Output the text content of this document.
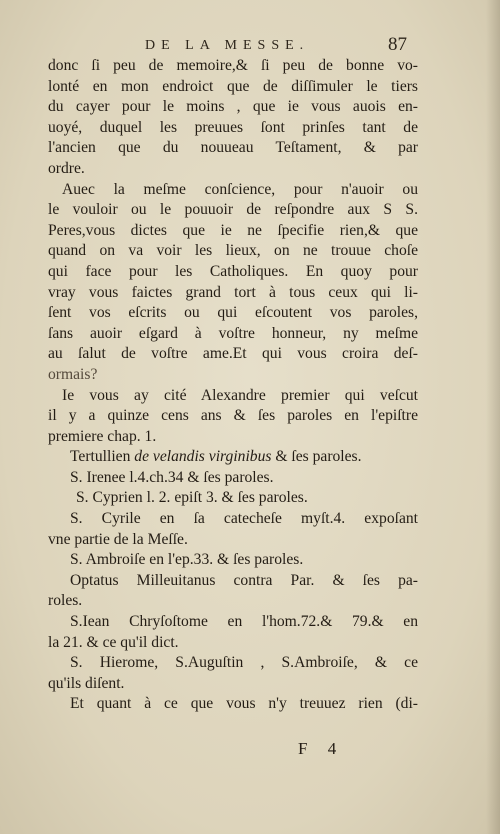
DE LA MESSE.	87
donc ſi peu de memoire,& ſi peu de bonne vo-
lonté en mon endroict que de diſſimuler le tiers
du cayer pour le moins , que ie vous auois en-
uoyé, duquel les preuues ſont prinſes tant de
l'ancien que du nouueau Teſtament, & par
ordre.
Auec la meſme conſcience, pour n'auoir ou
le vouloir ou le pouuoir de reſpondre aux S S.
Peres,vous dictes que ie ne ſpecifie rien,& que
quand on va voir les lieux, on ne trouue choſe
qui face pour les Catholiques. En quoy pour
vray vous faictes grand tort à tous ceux qui li-
ſent vos eſcrits ou qui eſcoutent vos paroles,
ſans auoir eſgard à voſtre honneur, ny meſme
au ſalut de voſtre ame.Et qui vous croira deſ-
ormais?
Ie vous ay cité Alexandre premier qui veſcut
il y a quinze cens ans & ſes paroles en l'epiſtre
premiere chap. 1.
Tertullien de velandis virginibus & ſes paroles.
S. Irenee l.4.ch.34 & ſes paroles.
S. Cyprien l. 2. epiſt 3. & ſes paroles.
S. Cyrile en ſa catecheſe myſt.4. expoſant
vne partie de la Meſſe.
S. Ambroiſe en l'ep.33. & ſes paroles.
Optatus Milleuitanus contra Par. & ſes pa-
roles.
S.Iean Chryſoſtome en l'hom.72.& 79.& en
la 21. & ce qu'il dict.
S. Hierome, S.Auguſtin , S.Ambroiſe, & ce
qu'ils diſent.
Et quant à ce que vous n'y treuuez rien (di-
F 4
